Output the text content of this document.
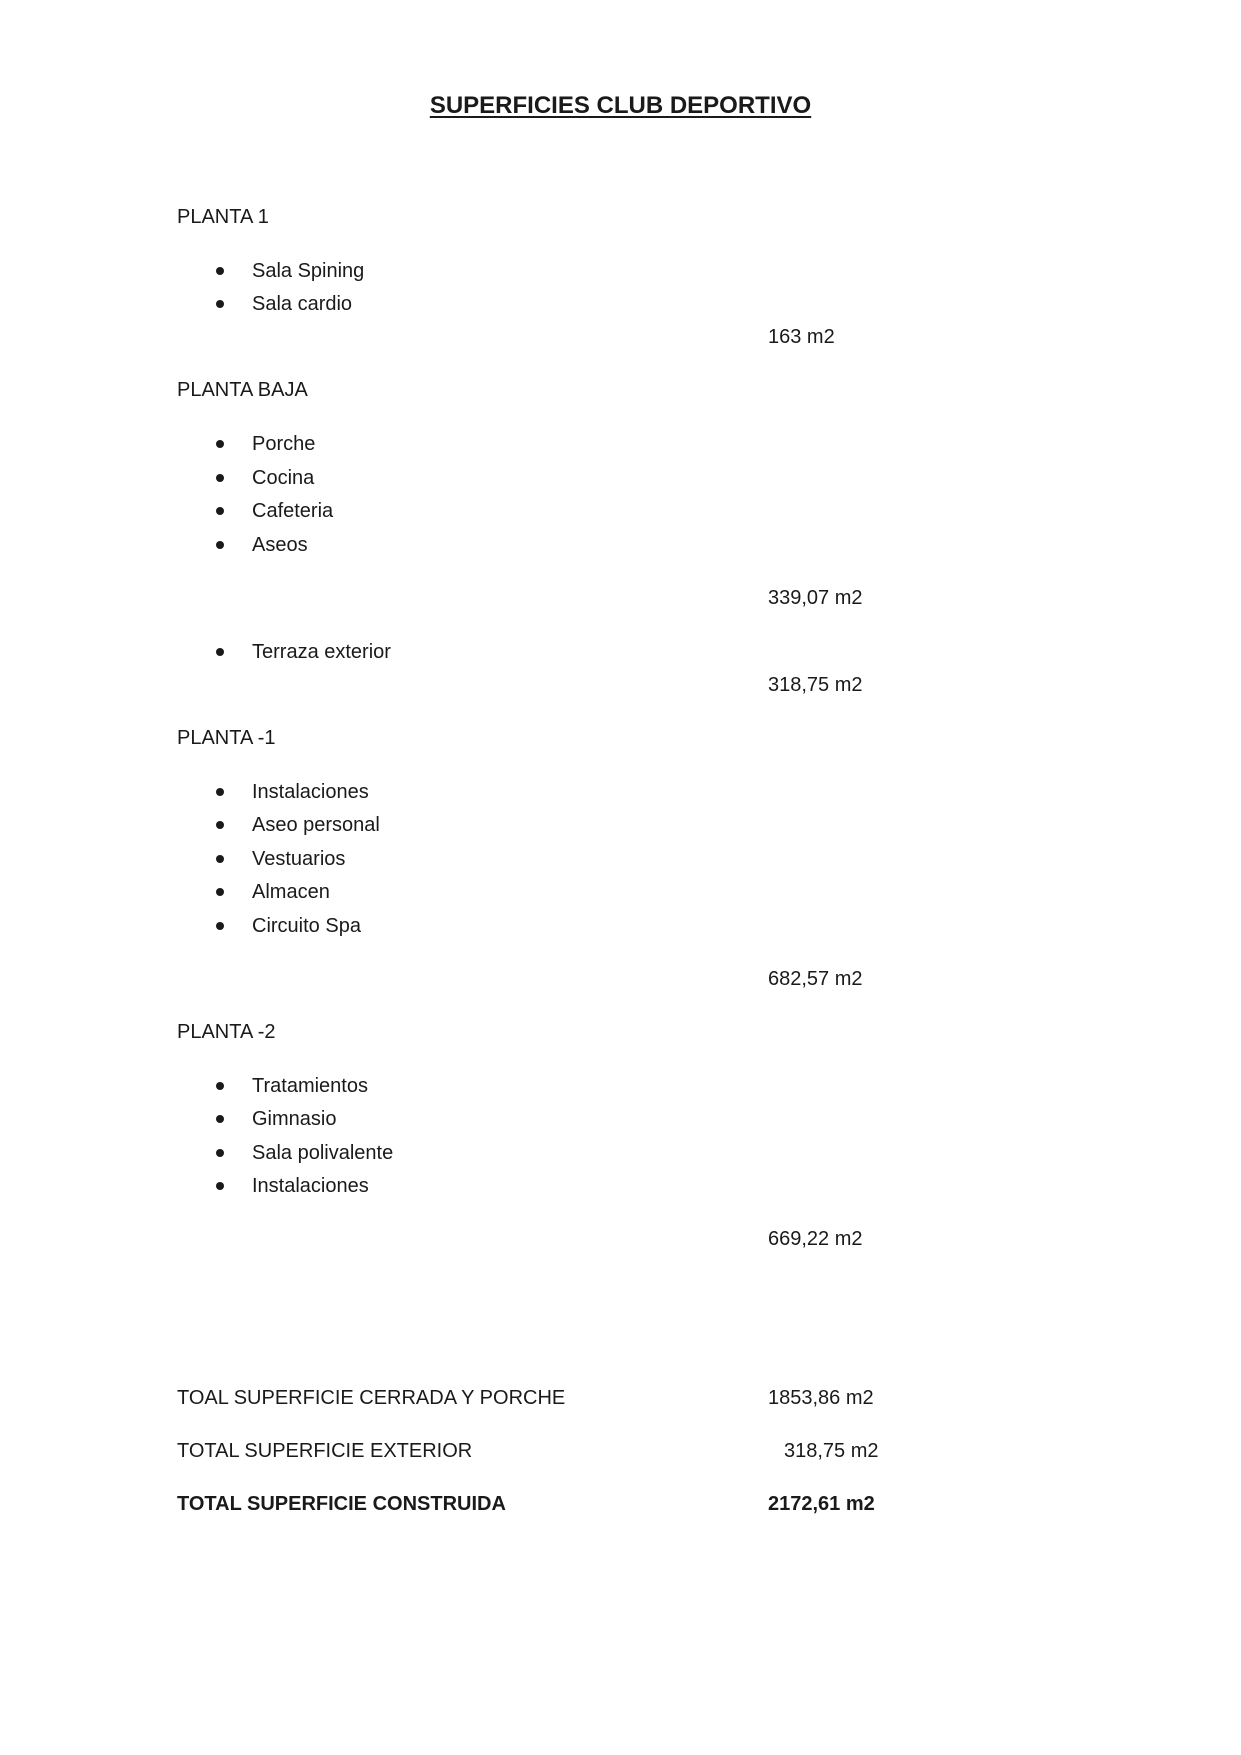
SUPERFICIES CLUB DEPORTIVO
PLANTA 1
Sala Spining
Sala cardio
163 m2
PLANTA BAJA
Porche
Cocina
Cafeteria
Aseos
339,07 m2
Terraza exterior
318,75 m2
PLANTA -1
Instalaciones
Aseo personal
Vestuarios
Almacen
Circuito Spa
682,57 m2
PLANTA -2
Tratamientos
Gimnasio
Sala polivalente
Instalaciones
669,22 m2
TOAL SUPERFICIE CERRADA Y PORCHE	1853,86 m2
TOTAL SUPERFICIE EXTERIOR	318,75 m2
TOTAL SUPERFICIE CONSTRUIDA	2172,61 m2
